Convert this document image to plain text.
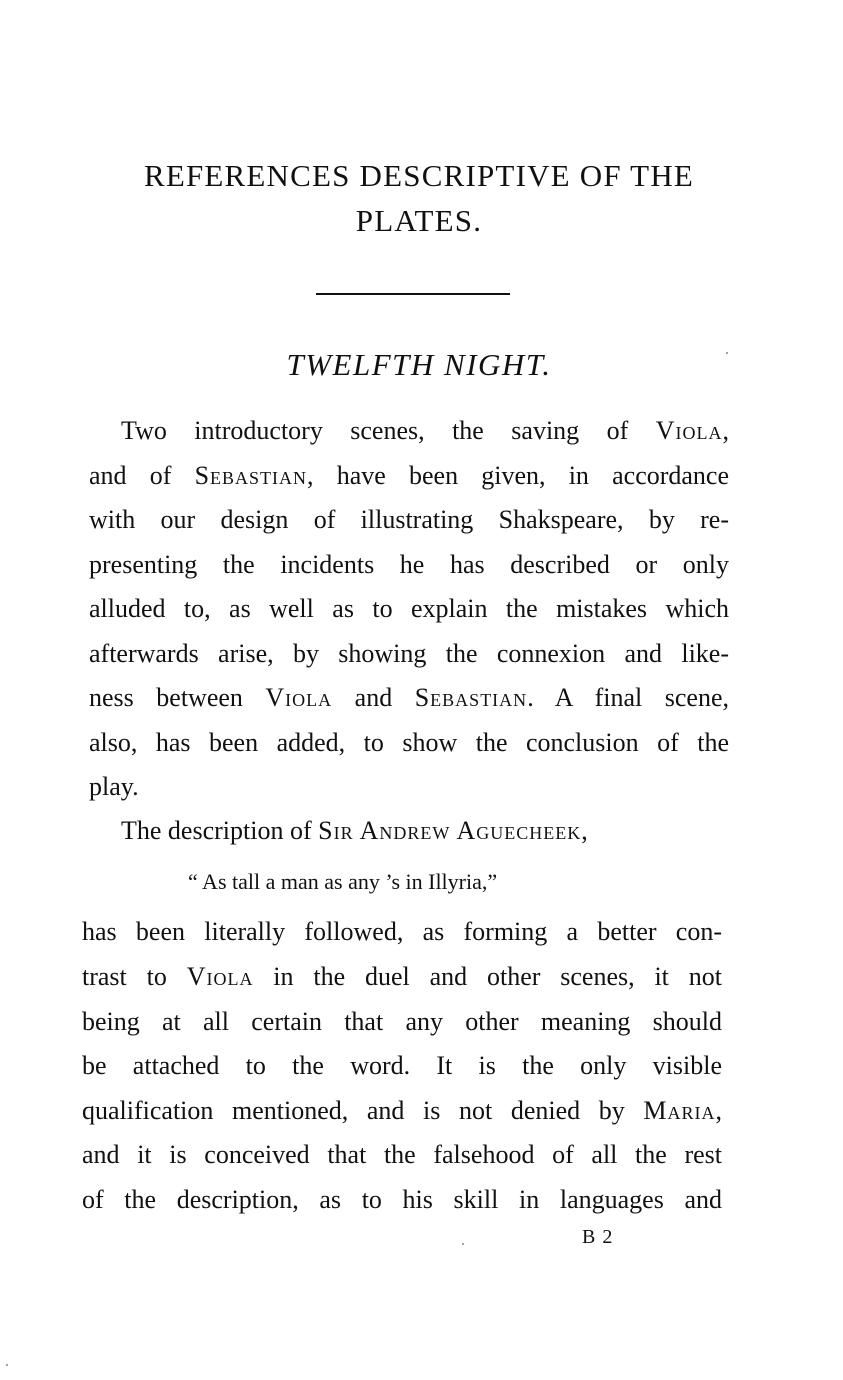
REFERENCES DESCRIPTIVE OF THE
PLATES.
TWELFTH NIGHT.
Two introductory scenes, the saving of Viola,
and of Sebastian, have been given, in accordance
with our design of illustrating Shakspeare, by re-
presenting the incidents he has described or only
alluded to, as well as to explain the mistakes which
afterwards arise, by showing the connexion and like-
ness between Viola and Sebastian. A final scene,
also, has been added, to show the conclusion of the
play.
The description of Sir Andrew Aguecheek,
“ As tall a man as any ’s in Illyria,”
has been literally followed, as forming a better con-
trast to Viola in the duel and other scenes, it not
being at all certain that any other meaning should
be attached to the word. It is the only visible
qualification mentioned, and is not denied by Maria,
and it is conceived that the falsehood of all the rest
of the description, as to his skill in languages and
B 2
